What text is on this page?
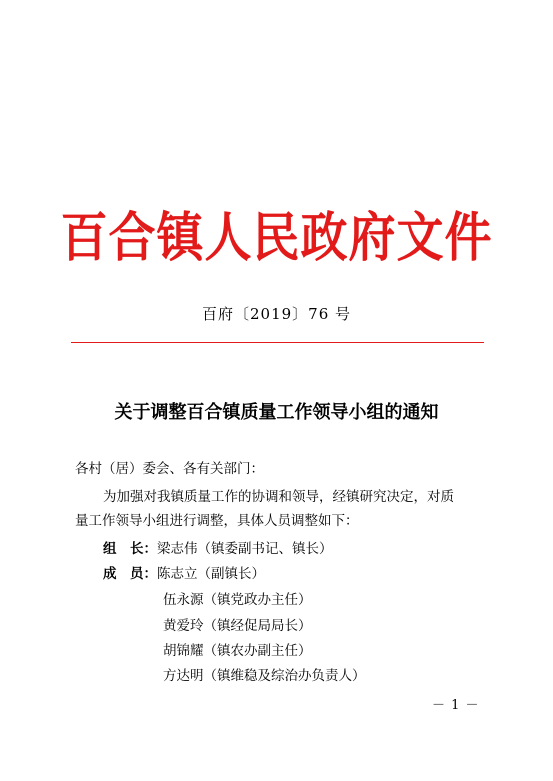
百合镇人民政府文件
百府〔2019〕76 号
关于调整百合镇质量工作领导小组的通知
各村（居）委会、各有关部门：
为加强对我镇质量工作的协调和领导，经镇研究决定，对质
量工作领导小组进行调整，具体人员调整如下：
组　长：梁志伟（镇委副书记、镇长）
成　员：陈志立（副镇长）
伍永源（镇党政办主任）
黄爱玲（镇经促局局长）
胡锦耀（镇农办副主任）
方达明（镇维稳及综治办负责人）
－ 1 －
